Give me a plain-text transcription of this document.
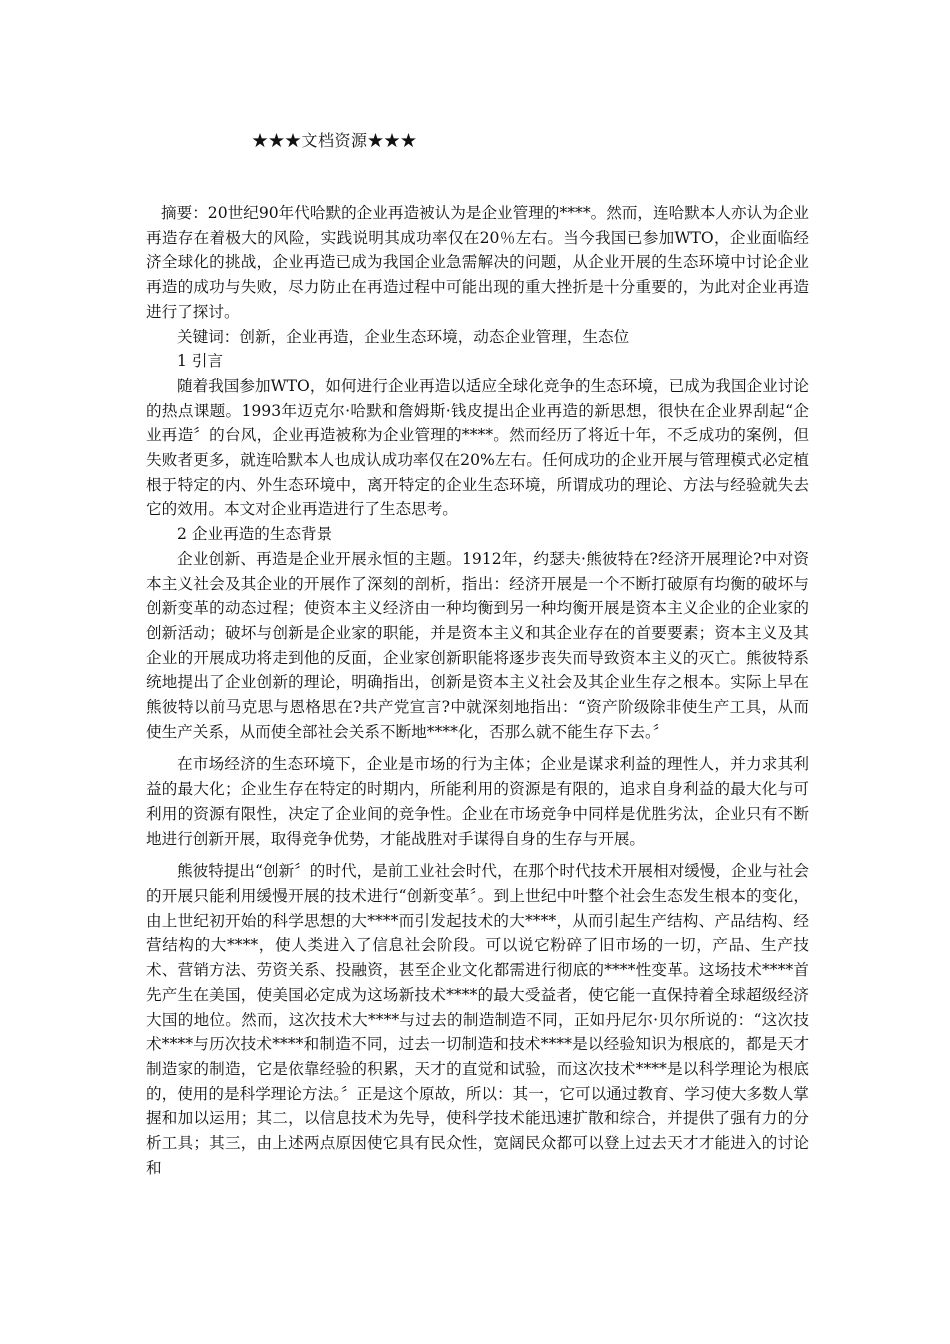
★★★文档资源★★★

摘要：20世纪90年代哈默的企业再造被认为是企业管理的****。然而，连哈默本人亦认为企业再造存在着极大的风险，实践说明其成功率仅在20％左右。当今我国已参加WTO，企业面临经济全球化的挑战，企业再造已成为我国企业急需解决的问题，从企业开展的生态环境中讨论企业再造的成功与失败，尽力防止在再造过程中可能出现的重大挫折是十分重要的，为此对企业再造进行了探讨。

关键词：创新，企业再造，企业生态环境，动态企业管理，生态位

1 引言

随着我国参加WTO，如何进行企业再造以适应全球化竞争的生态环境，已成为我国企业讨论的热点课题。1993年迈克尔·哈默和詹姆斯·钱皮提出企业再造的新思想，很快在企业界刮起“企业再造〞的台风，企业再造被称为企业管理的****。然而经历了将近十年，不乏成功的案例，但失败者更多，就连哈默本人也成认成功率仅在20%左右。任何成功的企业开展与管理模式必定植根于特定的内、外生态环境中，离开特定的企业生态环境，所谓成功的理论、方法与经验就失去它的效用。本文对企业再造进行了生态思考。

2 企业再造的生态背景

企业创新、再造是企业开展永恒的主题。1912年，约瑟夫·熊彼特在?经济开展理论?中对资本主义社会及其企业的开展作了深刻的剖析，指出：经济开展是一个不断打破原有均衡的破坏与创新变革的动态过程；使资本主义经济由一种均衡到另一种均衡开展是资本主义企业的企业家的创新活动；破坏与创新是企业家的职能，并是资本主义和其企业存在的首要要素；资本主义及其企业的开展成功将走到他的反面，企业家创新职能将逐步丧失而导致资本主义的灭亡。熊彼特系统地提出了企业创新的理论，明确指出，创新是资本主义社会及其企业生存之根本。实际上早在熊彼特以前马克思与恩格思在?共产党宣言?中就深刻地指出：“资产阶级除非使生产工具，从而使生产关系，从而使全部社会关系不断地****化，否那么就不能生存下去。〞

在市场经济的生态环境下，企业是市场的行为主体；企业是谋求利益的理性人，并力求其利益的最大化；企业生存在特定的时期内，所能利用的资源是有限的，追求自身利益的最大化与可利用的资源有限性，决定了企业间的竞争性。企业在市场竞争中同样是优胜劣汰，企业只有不断地进行创新开展，取得竞争优势，才能战胜对手谋得自身的生存与开展。

熊彼特提出“创新〞的时代，是前工业社会时代，在那个时代技术开展相对缓慢，企业与社会的开展只能利用缓慢开展的技术进行“创新变革〞。到上世纪中叶整个社会生态发生根本的变化，由上世纪初开始的科学思想的大****而引发起技术的大****，从而引起生产结构、产品结构、经营结构的大****，使人类进入了信息社会阶段。可以说它粉碎了旧市场的一切，产品、生产技术、营销方法、劳资关系、投融资，甚至企业文化都需进行彻底的****性变革。这场技术****首先产生在美国，使美国必定成为这场新技术****的最大受益者，使它能一直保持着全球超级经济大国的地位。然而，这次技术大****与过去的制造制造不同，正如丹尼尔·贝尔所说的：“这次技术****与历次技术****和制造不同，过去一切制造和技术****是以经验知识为根底的，都是天才制造家的制造，它是依靠经验的积累，天才的直觉和试验，而这次技术****是以科学理论为根底的，使用的是科学理论方法。〞正是这个原故，所以：其一，它可以通过教育、学习使大多数人掌握和加以运用；其二，以信息技术为先导，使科学技术能迅速扩散和综合，并提供了强有力的分析工具；其三，由上述两点原因使它具有民众性，宽阔民众都可以登上过去天才才能进入的讨论和
